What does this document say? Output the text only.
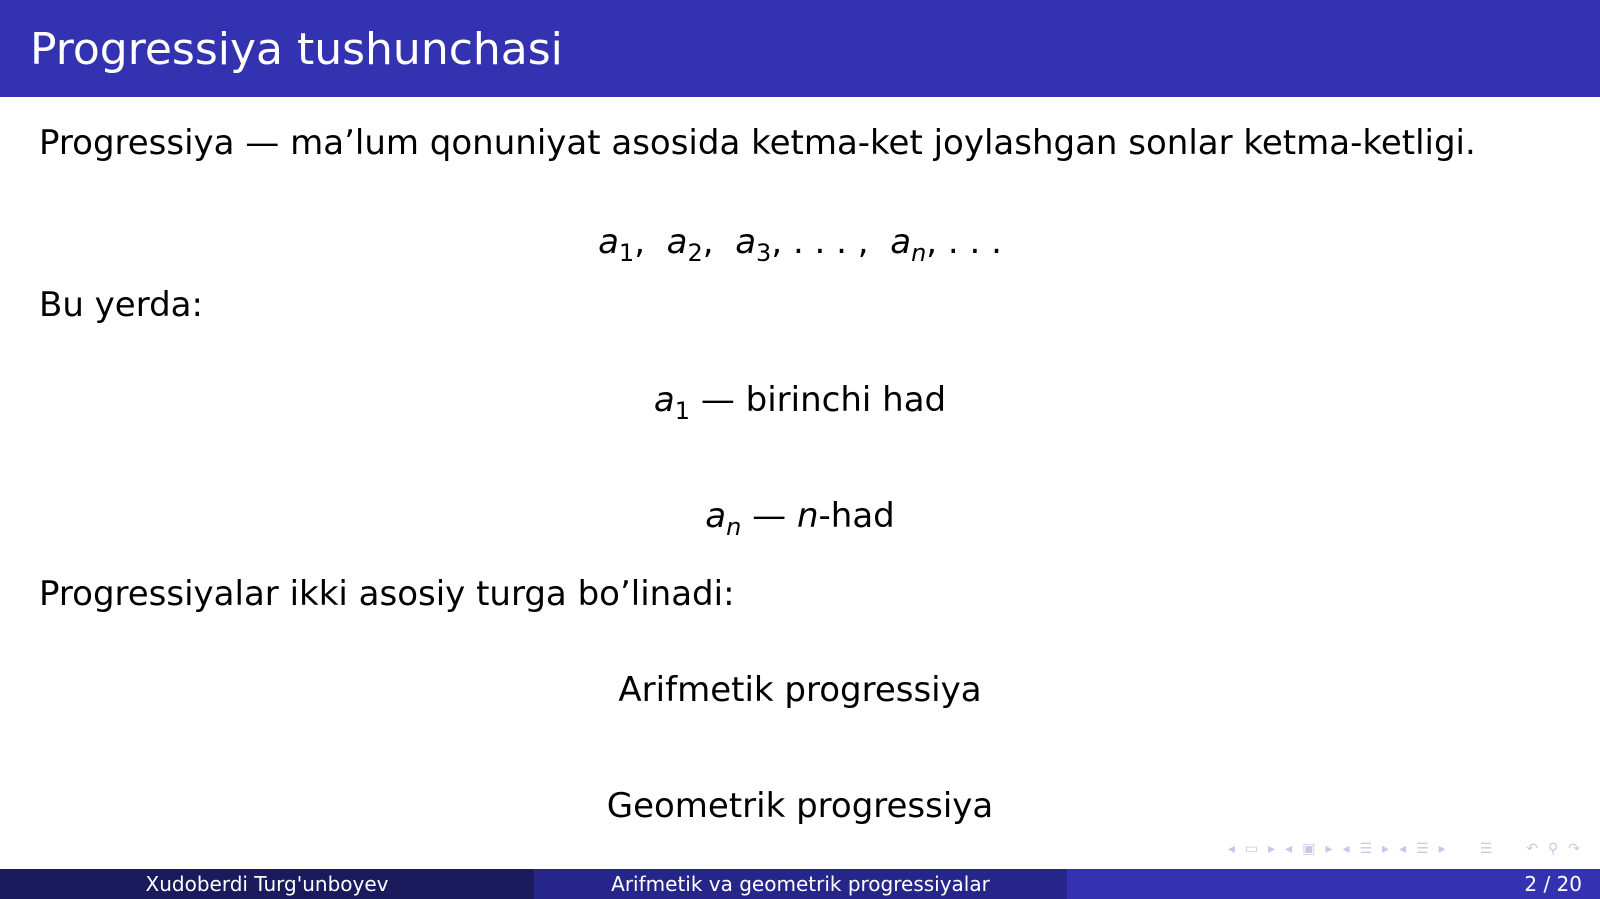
Progressiya tushunchasi
Progressiya — ma’lum qonuniyat asosida ketma-ket joylashgan sonlar ketma-ketligi.
$a_1$, $a_2$, $a_3$, . . . , $a_n$, . . .
Bu yerda:
$a_1$ — birinchi had
$a_n$ — n-had
Progressiyalar ikki asosiy turga bo’linadi:
Arifmetik progressiya
Geometrik progressiya
◂ ▭ ▸ ◂ ▣ ▸ ◂ ☰ ▸ ◂ ☰ ▸ ☰ ↶ ⚲ ↷
Xudoberdi Turg'unboyev	Arifmetik va geometrik progressiyalar	2 / 20
